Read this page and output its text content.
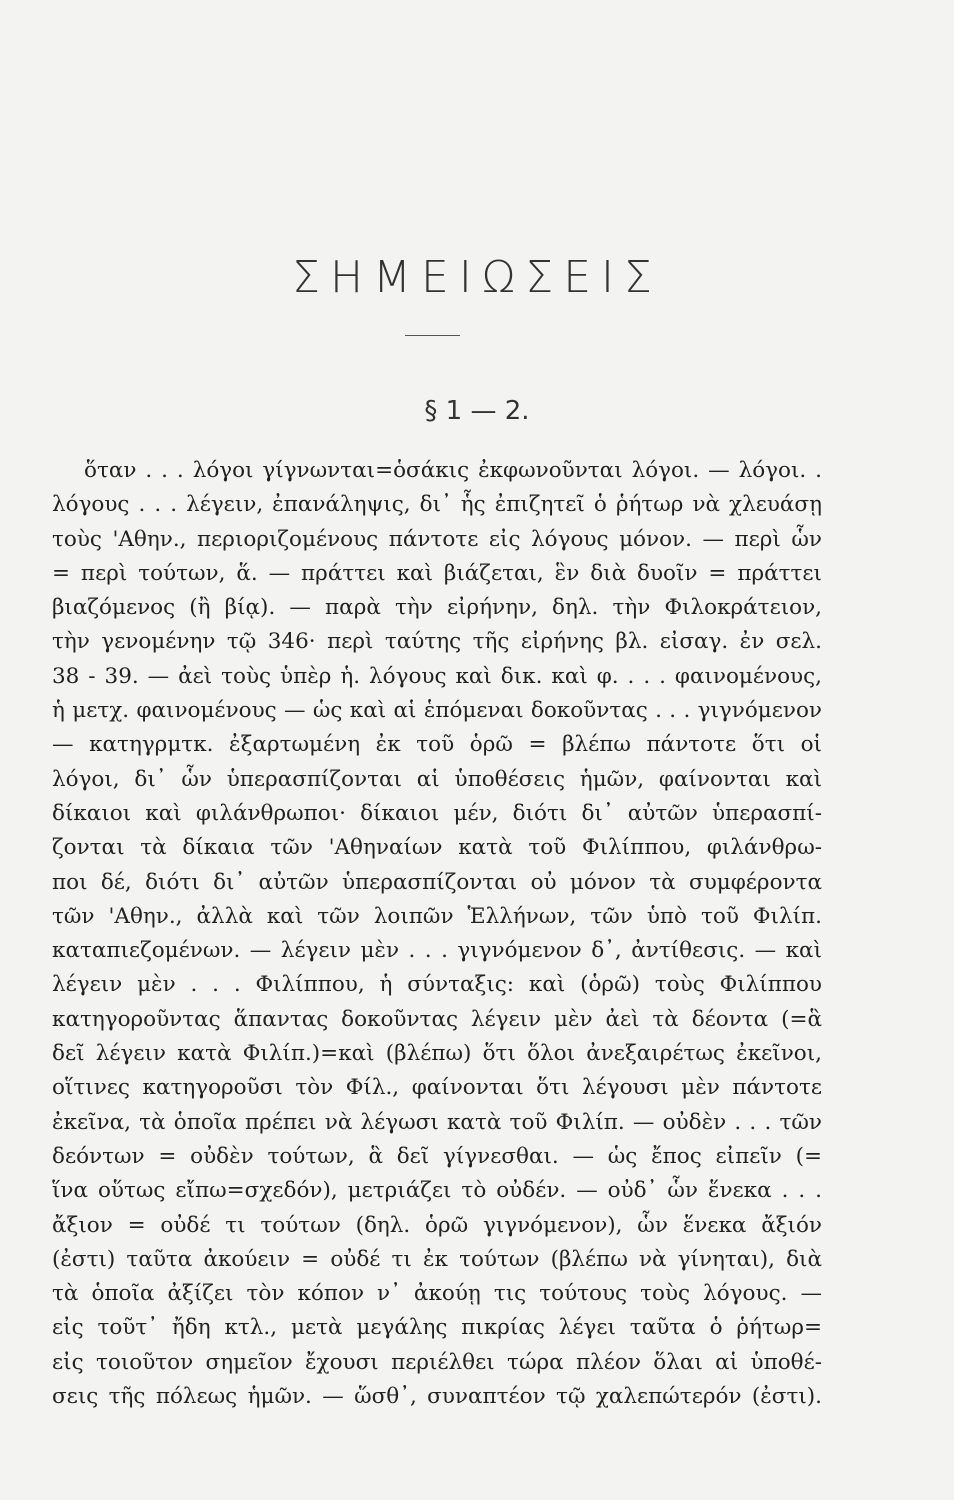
ΣΗΜΕΙΩΣΕΙΣ
§ 1 — 2.
ὅταν . . . λόγοι γίγνωνται=ὁσάκις ἐκφωνοῦνται λόγοι. — λόγοι. .
λόγους . . . λέγειν, ἐπανάληψις, δι᾽ ἧς ἐπιζητεῖ ὁ ῥήτωρ νὰ χλευάσῃ
τοὺς 'Αθην., περιοριζομένους πάντοτε εἰς λόγους μόνον. — περὶ ὧν
= περὶ τούτων, ἅ. — πράττει καὶ βιάζεται, ἓν διὰ δυοῖν = πράττει
βιαζόμενος (ἢ βίᾳ). — παρὰ τὴν εἰρήνην, δηλ. τὴν Φιλοκράτειον,
τὴν γενομένην τῷ 346· περὶ ταύτης τῆς εἰρήνης βλ. εἰσαγ. ἐν σελ.
38 - 39. — ἀεὶ τοὺς ὑπὲρ ἡ. λόγους καὶ δικ. καὶ φ. . . . φαινομένους,
ἡ μετχ. φαινομένους — ὡς καὶ αἱ ἑπόμεναι δοκοῦντας . . . γιγνόμενον
— κατηγρμτκ. ἐξαρτωμένη ἐκ τοῦ ὁρῶ = βλέπω πάντοτε ὅτι οἱ
λόγοι, δι᾽ ὧν ὑπερασπίζονται αἱ ὑποθέσεις ἡμῶν, φαίνονται καὶ
δίκαιοι καὶ φιλάνθρωποι· δίκαιοι μέν, διότι δι᾽ αὐτῶν ὑπερασπί-
ζονται τὰ δίκαια τῶν 'Αθηναίων κατὰ τοῦ Φιλίππου, φιλάνθρω-
ποι δέ, διότι δι᾽ αὐτῶν ὑπερασπίζονται οὐ μόνον τὰ συμφέροντα
τῶν 'Αθην., ἀλλὰ καὶ τῶν λοιπῶν Ἑλλήνων, τῶν ὑπὸ τοῦ Φιλίπ.
καταπιεζομένων. — λέγειν μὲν . . . γιγνόμενον δ᾽, ἀντίθεσις. — καὶ
λέγειν μὲν . . . Φιλίππου, ἡ σύνταξις: καὶ (ὁρῶ) τοὺς Φιλίππου
κατηγοροῦντας ἅπαντας δοκοῦντας λέγειν μὲν ἀεὶ τὰ δέοντα (=ἃ
δεῖ λέγειν κατὰ Φιλίπ.)=καὶ (βλέπω) ὅτι ὅλοι ἀνεξαιρέτως ἐκεῖνοι,
οἵτινες κατηγοροῦσι τὸν Φίλ., φαίνονται ὅτι λέγουσι μὲν πάντοτε
ἐκεῖνα, τὰ ὁποῖα πρέπει νὰ λέγωσι κατὰ τοῦ Φιλίπ. — οὐδὲν . . . τῶν
δεόντων = οὐδὲν τούτων, ἃ δεῖ γίγνεσθαι. — ὡς ἔπος εἰπεῖν (=
ἵνα οὕτως εἴπω=σχεδόν), μετριάζει τὸ οὐδέν. — οὐδ᾽ ὧν ἕνεκα . . .
ἄξιον = οὐδέ τι τούτων (δηλ. ὁρῶ γιγνόμενον), ὧν ἕνεκα ἄξιόν
(ἐστι) ταῦτα ἀκούειν = οὐδέ τι ἐκ τούτων (βλέπω νὰ γίνηται), διὰ
τὰ ὁποῖα ἀξίζει τὸν κόπον ν᾽ ἀκούῃ τις τούτους τοὺς λόγους. —
εἰς τοῦτ᾽ ἤδη κτλ., μετὰ μεγάλης πικρίας λέγει ταῦτα ὁ ῥήτωρ=
εἰς τοιοῦτον σημεῖον ἔχουσι περιέλθει τώρα πλέον ὅλαι αἱ ὑποθέ-
σεις τῆς πόλεως ἡμῶν. — ὥσθ᾽, συναπτέον τῷ χαλεπώτερόν (ἐστι).
